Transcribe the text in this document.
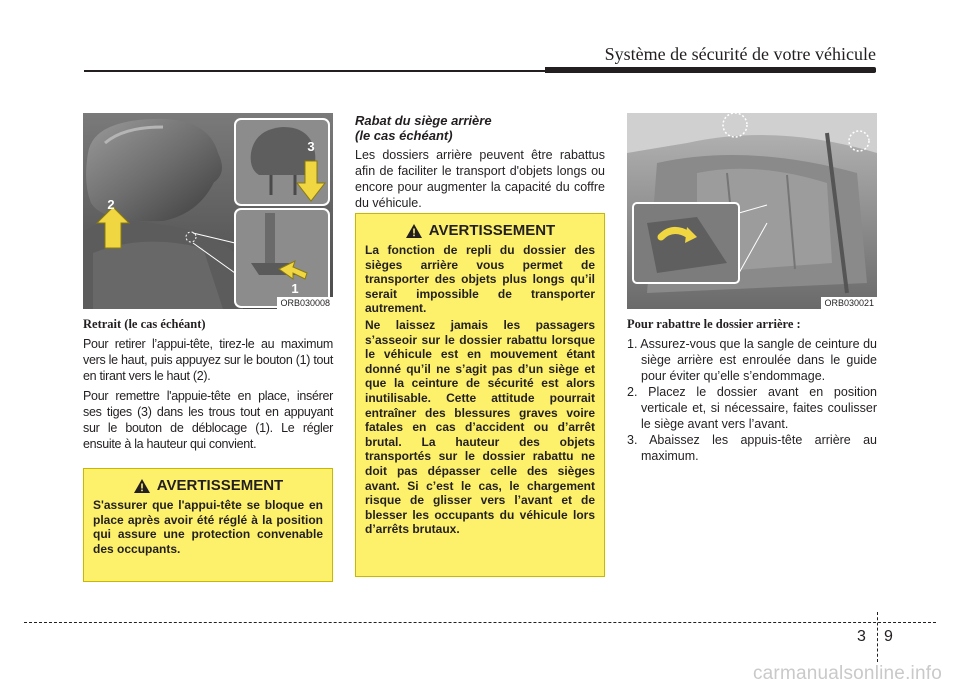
Système de sécurité de votre véhicule
2
3
1
ORB030008
Retrait (le cas échéant)

Pour retirer l’appui-tête, tirez-le au maximum vers le haut, puis appuyez sur le bouton (1) tout en tirant vers le haut (2).

Pour remettre l'appuie-tête en place, insérer ses tiges (3) dans les trous tout en appuyant sur le bouton de déblocage (1). Le régler ensuite à la hauteur qui convient.

AVERTISSEMENT
S'assurer que l'appui-tête se bloque en place après avoir été réglé à la position qui assure une protection convenable des occupants.
Rabat du siège arrière
(le cas échéant)

Les dossiers arrière peuvent être rabattus afin de faciliter le transport d'objets longs ou encore pour augmenter la capacité du coffre du véhicule.

AVERTISSEMENT

La fonction de repli du dossier des sièges arrière vous permet de transporter des objets plus longs qu’il serait impossible de transporter autrement.

Ne laissez jamais les passagers s’asseoir sur le dossier rabattu lorsque le véhicule est en mouvement étant donné qu’il ne s’agit pas d’un siège et que la ceinture de sécurité est alors inutilisable. Cette attitude pourrait entraîner des blessures graves voire fatales en cas d’accident ou d’arrêt brutal. La hauteur des objets transportés sur le dossier rabattu ne doit pas dépasser celle des sièges avant. Si c’est le cas, le chargement risque de glisser vers l’avant et de blesser les occupants du véhicule lors d’arrêts brutaux.

ORB030021
Pour rabattre le dossier arrière :
1. Assurez-vous que la sangle de ceinture du siège arrière est enroulée dans le guide pour éviter qu’elle s’endommage.
2. Placez le dossier avant en position verticale et, si nécessaire, faites coulisser le siège avant vers l’avant.
3. Abaissez les appuis-tête arrière au maximum.
3 9
carmanualsonline.info
